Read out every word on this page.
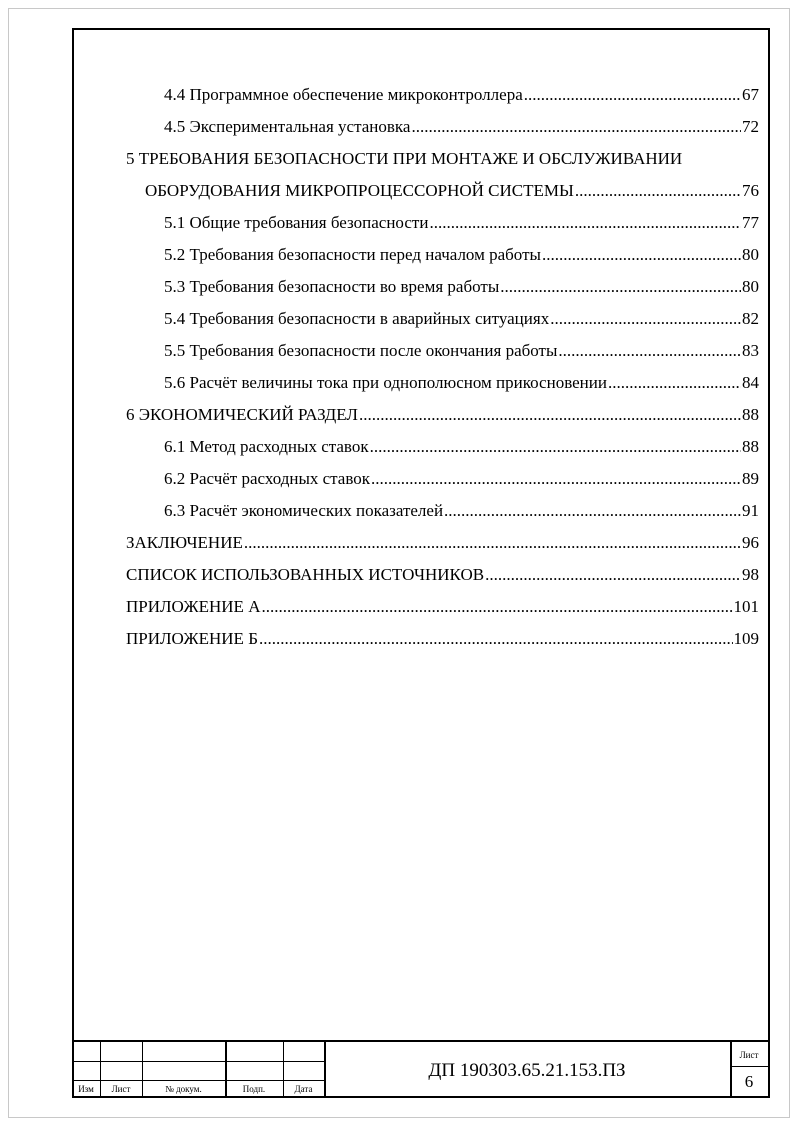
4.4 Программное обеспечение микроконтроллера .....	67
4.5 Экспериментальная установка .....	72
5 ТРЕБОВАНИЯ БЕЗОПАСНОСТИ ПРИ МОНТАЖЕ И ОБСЛУЖИВАНИИ
ОБОРУДОВАНИЯ МИКРОПРОЦЕССОРНОЙ СИСТЕМЫ .....	76
5.1 Общие требования безопасности .....	77
5.2 Требования безопасности перед началом работы .....	80
5.3 Требования безопасности во время работы .....	80
5.4 Требования безопасности в аварийных ситуациях .....	82
5.5 Требования безопасности после окончания работы .....	83
5.6 Расчёт величины тока при однополюсном прикосновении .....	84
6 ЭКОНОМИЧЕСКИЙ РАЗДЕЛ .....	88
6.1 Метод расходных ставок .....	88
6.2 Расчёт расходных ставок .....	89
6.3 Расчёт экономических показателей .....	91
ЗАКЛЮЧЕНИЕ .....	96
СПИСОК ИСПОЛЬЗОВАННЫХ ИСТОЧНИКОВ .....	98
ПРИЛОЖЕНИЕ А .....	101
ПРИЛОЖЕНИЕ Б .....	109
Изм	Лист	№ докум.	Подп.	Дата
ДП 190303.65.21.153.ПЗ
Лист
6
